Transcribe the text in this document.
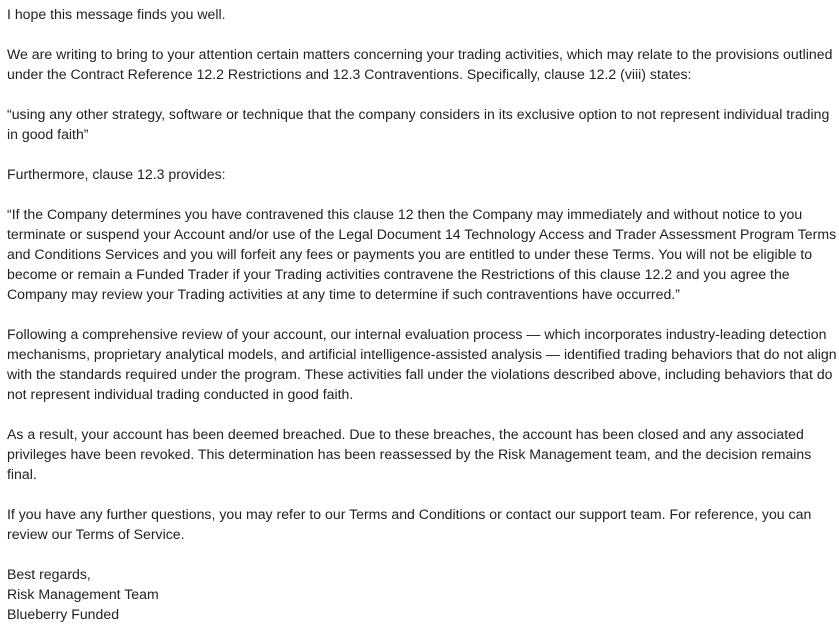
I hope this message finds you well.

We are writing to bring to your attention certain matters concerning your trading activities, which may relate to the provisions outlined
under the Contract Reference 12.2 Restrictions and 12.3 Contraventions. Specifically, clause 12.2 (viii) states:

“using any other strategy, software or technique that the company considers in its exclusive option to not represent individual trading
in good faith”

Furthermore, clause 12.3 provides:

“If the Company determines you have contravened this clause 12 then the Company may immediately and without notice to you
terminate or suspend your Account and/or use of the Legal Document 14 Technology Access and Trader Assessment Program Terms
and Conditions Services and you will forfeit any fees or payments you are entitled to under these Terms. You will not be eligible to
become or remain a Funded Trader if your Trading activities contravene the Restrictions of this clause 12.2 and you agree the
Company may review your Trading activities at any time to determine if such contraventions have occurred.”

Following a comprehensive review of your account, our internal evaluation process — which incorporates industry-leading detection
mechanisms, proprietary analytical models, and artificial intelligence-assisted analysis — identified trading behaviors that do not align
with the standards required under the program. These activities fall under the violations described above, including behaviors that do
not represent individual trading conducted in good faith.

As a result, your account has been deemed breached. Due to these breaches, the account has been closed and any associated
privileges have been revoked. This determination has been reassessed by the Risk Management team, and the decision remains
final.

If you have any further questions, you may refer to our Terms and Conditions or contact our support team. For reference, you can
review our Terms of Service.

Best regards,
Risk Management Team
Blueberry Funded
